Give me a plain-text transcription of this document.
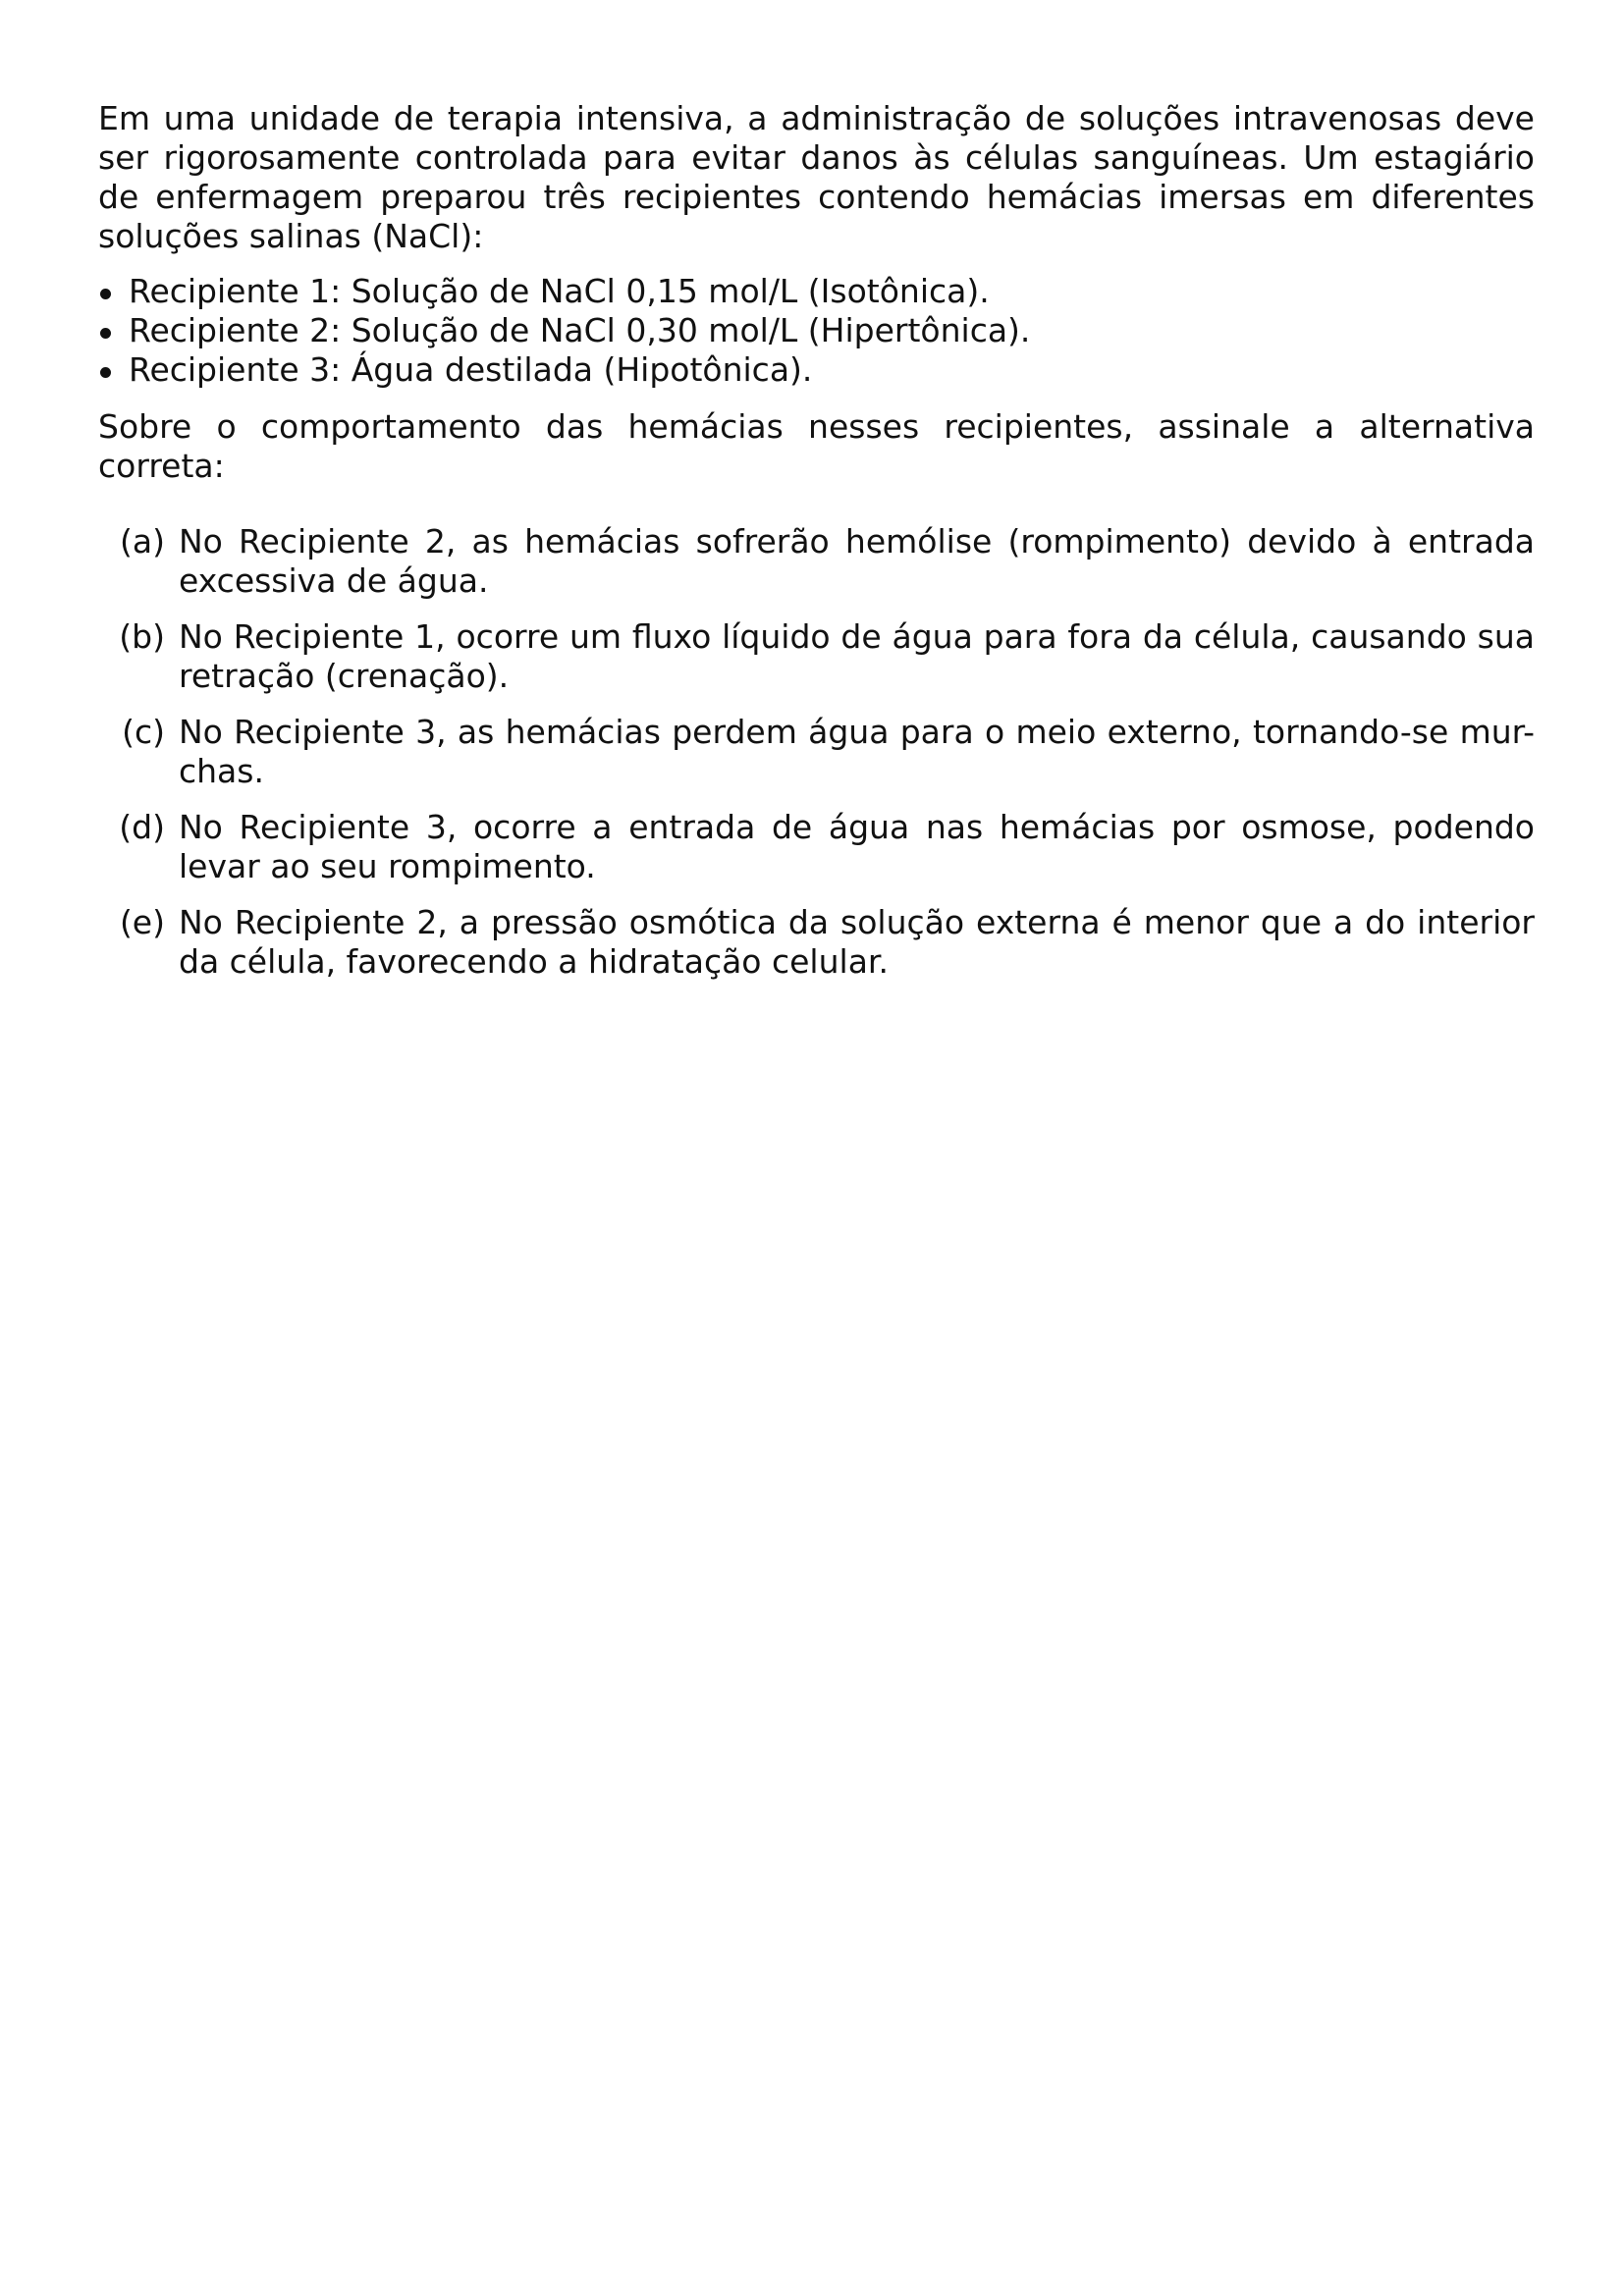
Em uma unidade de terapia intensiva, a administração de soluções intravenosas deve ser rigorosamente controlada para evitar danos às células sanguíneas. Um estagiário de enfermagem preparou três recipientes contendo hemácias imersas em diferentes soluções salinas (NaCl):

Recipiente 1: Solução de NaCl 0,15 mol/L (Isotônica).
Recipiente 2: Solução de NaCl 0,30 mol/L (Hipertônica).
Recipiente 3: Água destilada (Hipotônica).

Sobre o comportamento das hemácias nesses recipientes, assinale a alternativa correta:

(a) No Recipiente 2, as hemácias sofrerão hemólise (rompimento) devido à entrada excessiva de água.
(b) No Recipiente 1, ocorre um fluxo líquido de água para fora da célula, causando sua retração (crenação).
(c) No Recipiente 3, as hemácias perdem água para o meio externo, tornando-se mur-chas.
(d) No Recipiente 3, ocorre a entrada de água nas hemácias por osmose, podendo levar ao seu rompimento.
(e) No Recipiente 2, a pressão osmótica da solução externa é menor que a do interior da célula, favorecendo a hidratação celular.
